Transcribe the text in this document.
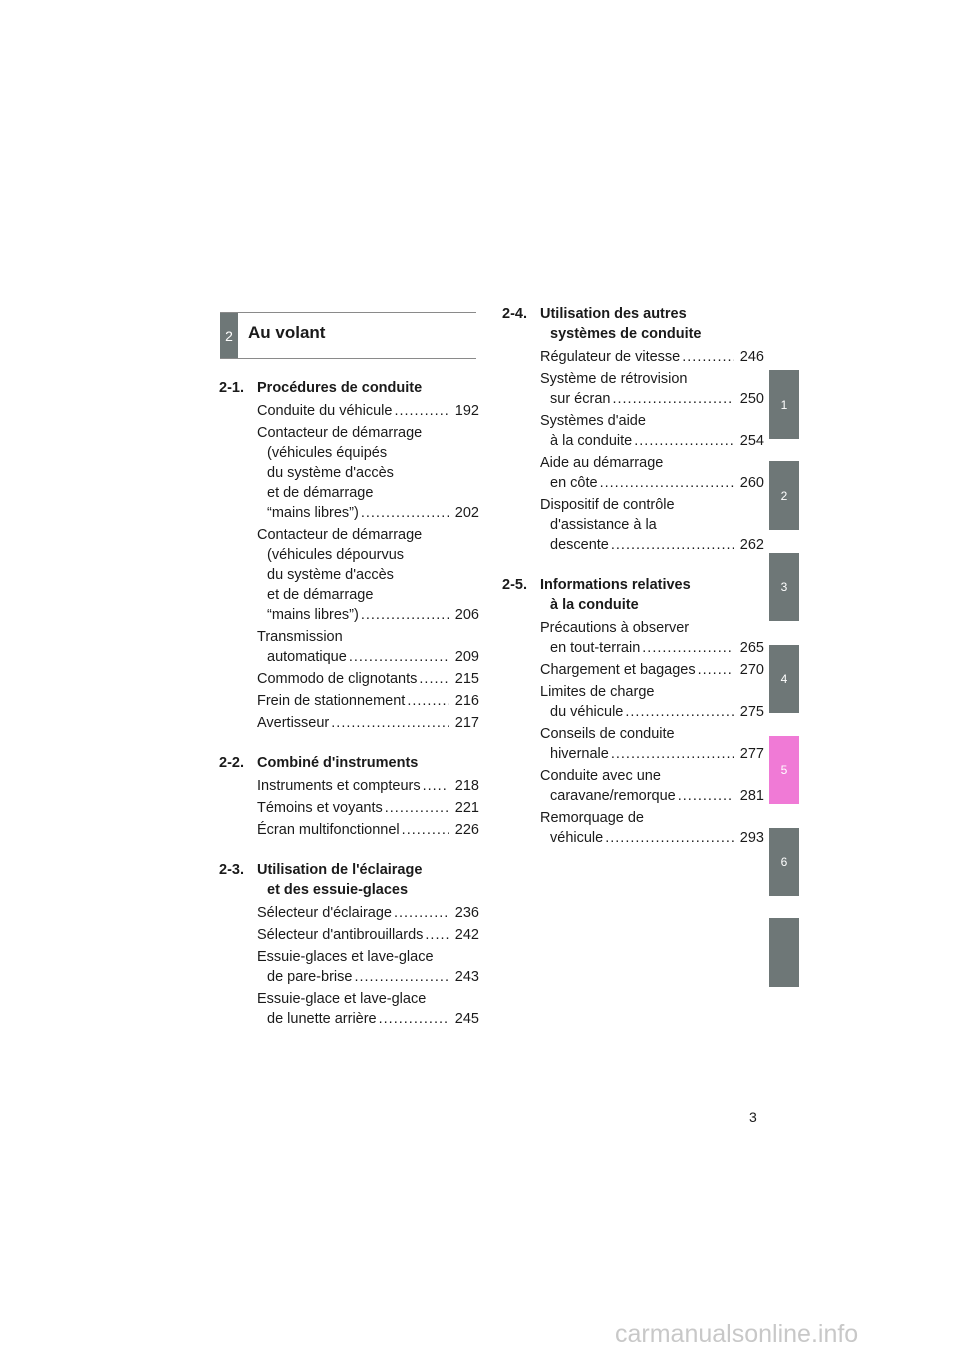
2 Au volant
2-1. Procédures de conduite
Conduite du véhicule .....	192
Contacteur de démarrage
(véhicules équipés
du système d'accès
et de démarrage
“mains libres”) .....	202
Contacteur de démarrage
(véhicules dépourvus
du système d'accès
et de démarrage
“mains libres”) .....	206
Transmission
automatique .....	209
Commodo de clignotants .....	215
Frein de stationnement .....	216
Avertisseur .....	217
2-2. Combiné d'instruments
Instruments et compteurs ..... 218
Témoins et voyants .....	221
Écran multifonctionnel .....	226
2-3. Utilisation de l'éclairage
et des essuie-glaces
Sélecteur d'éclairage .....	236
Sélecteur d'antibrouillards ..... 242
Essuie-glaces et lave-glace
de pare-brise .....	243
Essuie-glace et lave-glace
de lunette arrière .....	245
2-4. Utilisation des autres
systèmes de conduite
Régulateur de vitesse .....	246
Système de rétrovision
sur écran .....	250
Systèmes d'aide
à la conduite .....	254
Aide au démarrage
en côte .....	260
Dispositif de contrôle
d'assistance à la
descente .....	262
2-5. Informations relatives
à la conduite
Précautions à observer
en tout-terrain .....	265
Chargement et bagages .....	270
Limites de charge
du véhicule .....	275
Conseils de conduite
hivernale .....	277
Conduite avec une
caravane/remorque .....	281
Remorquage de
véhicule .....	293
1
2
3
4
5
6
3
carmanualsonline.info
